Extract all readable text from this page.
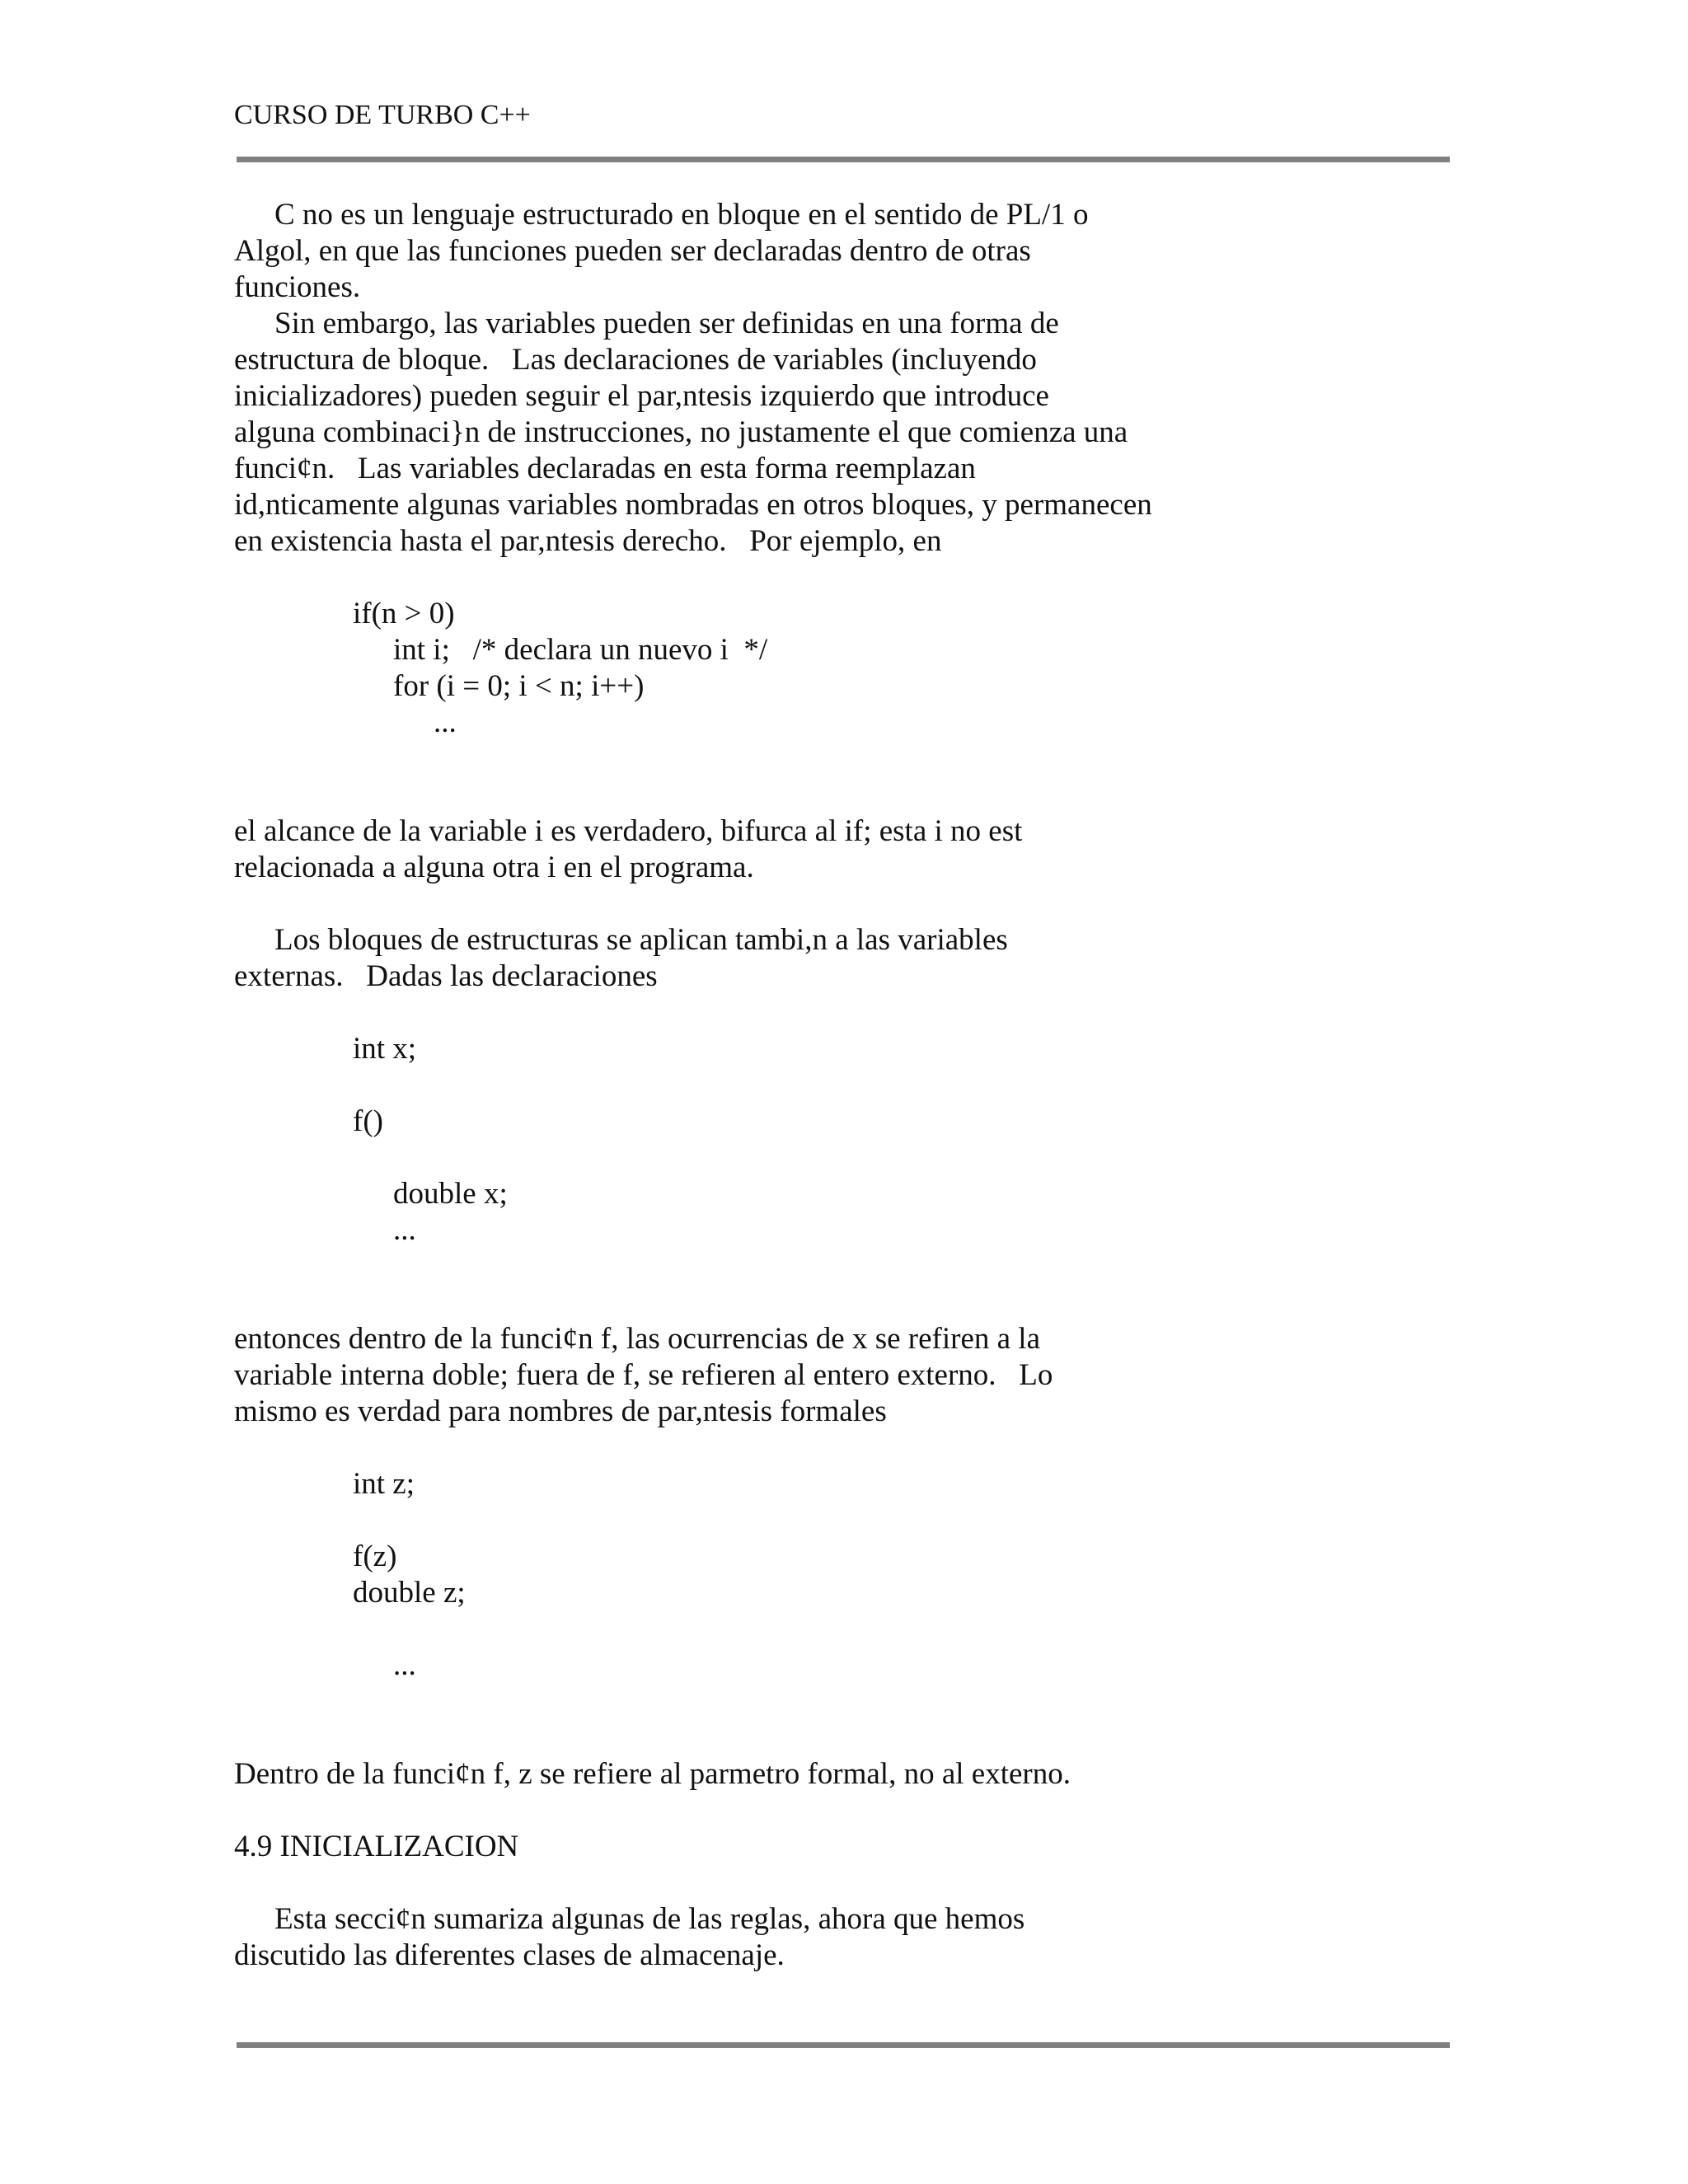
CURSO DE TURBO C++
C no es un lenguaje estructurado en bloque en el sentido de PL/1 o
Algol, en que las funciones pueden ser declaradas dentro de otras
funciones.
Sin embargo, las variables pueden ser definidas en una forma de
estructura de bloque.   Las declaraciones de variables (incluyendo
inicializadores) pueden seguir el par,ntesis izquierdo que introduce
alguna combinaci}n de instrucciones, no justamente el que comienza una
funci¢n.   Las variables declaradas en esta forma reemplazan
id,nticamente algunas variables nombradas en otros bloques, y permanecen
en existencia hasta el par,ntesis derecho.   Por ejemplo, en
if(n > 0)
int i;   /* declara un nuevo i  */
for (i = 0; i < n; i++)
...
el alcance de la variable i es verdadero, bifurca al if; esta i no est
relacionada a alguna otra i en el programa.
Los bloques de estructuras se aplican tambi,n a las variables
externas.   Dadas las declaraciones
int x;
f()
double x;
...
entonces dentro de la funci¢n f, las ocurrencias de x se refiren a la
variable interna doble; fuera de f, se refieren al entero externo.   Lo
mismo es verdad para nombres de par,ntesis formales
int z;
f(z)
double z;
...
Dentro de la funci¢n f, z se refiere al parmetro formal, no al externo.
4.9 INICIALIZACION
Esta secci¢n sumariza algunas de las reglas, ahora que hemos
discutido las diferentes clases de almacenaje.
